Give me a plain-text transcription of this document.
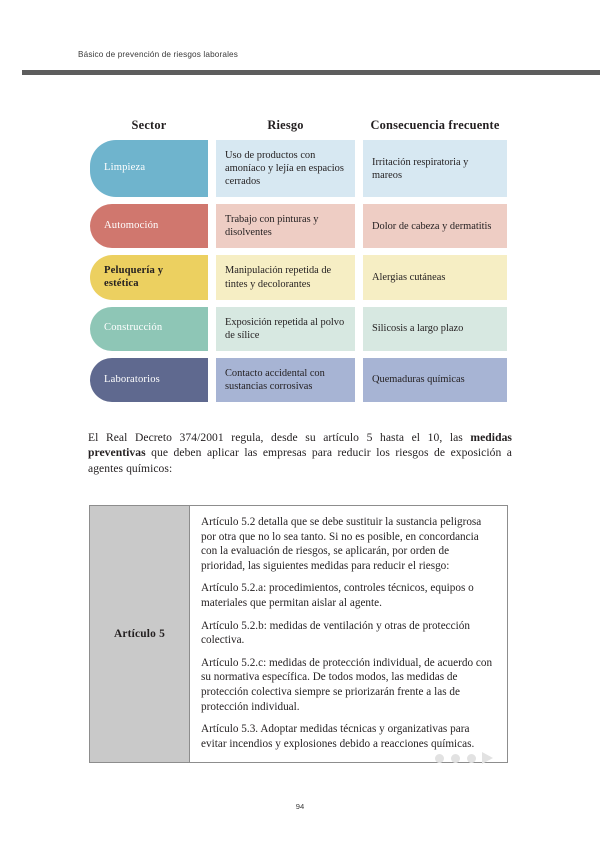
Básico de prevención de riesgos laborales
Sector	Riesgo	Consecuencia frecuente
Limpieza
Uso de productos con amoníaco y lejía en espacios cerrados
Irritación respiratoria y mareos
Automoción
Trabajo con pinturas y disolventes
Dolor de cabeza y dermatitis
Peluquería y estética
Manipulación repetida de tintes y decolorantes
Alergias cutáneas
Construcción
Exposición repetida al polvo de sílice
Silicosis a largo plazo
Laboratorios
Contacto accidental con sustancias corrosivas
Quemaduras químicas
El Real Decreto 374/2001 regula, desde su artículo 5 hasta el 10, las medidas preventivas que deben aplicar las empresas para reducir los riesgos de exposición a agentes químicos:
Artículo 5

Artículo 5.2 detalla que se debe sustituir la sustancia peligrosa por otra que no lo sea tanto. Si no es posible, en concordancia con la evaluación de riesgos, se aplicarán, por orden de prioridad, las siguientes medidas para reducir el riesgo:

Artículo 5.2.a: procedimientos, controles técnicos, equipos o materiales que permitan aislar al agente.

Artículo 5.2.b: medidas de ventilación y otras de protección colectiva.

Artículo 5.2.c: medidas de protección individual, de acuerdo con su normativa específica. De todos modos, las medidas de protección colectiva siempre se priorizarán frente a las de protección individual.

Artículo 5.3. Adoptar medidas técnicas y organizativas para evitar incendios y explosiones debido a reacciones químicas.

94
